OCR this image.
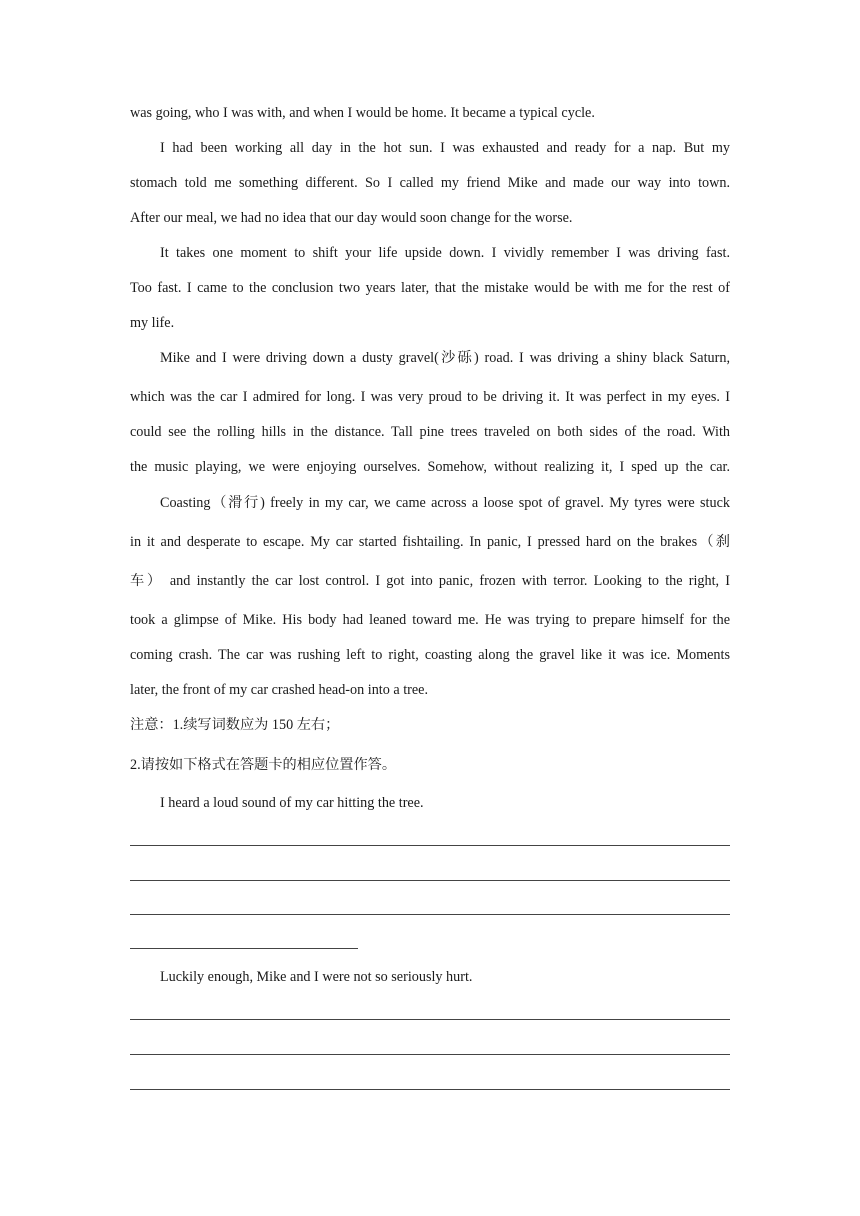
was going, who I was with, and when I would be home. It became a typical cycle.
I had been working all day in the hot sun. I was exhausted and ready for a nap. But my
stomach told me something different. So I called my friend Mike and made our way into town.
After our meal, we had no idea that our day would soon change for the worse.
It takes one moment to shift your life upside down. I vividly remember I was driving fast.
Too fast. I came to the conclusion two years later, that the mistake would be with me for the rest of
my life.
Mike and I were driving down a dusty gravel(沙砾) road. I was driving a shiny black Saturn,
which was the car I admired for long. I was very proud to be driving it. It was perfect in my eyes. I
could see the rolling hills in the distance. Tall pine trees traveled on both sides of the road. With
the music playing, we were enjoying ourselves. Somehow, without realizing it, I sped up the car.
Coasting（滑行) freely in my car, we came across a loose spot of gravel. My tyres were stuck
in it and desperate to escape. My car started fishtailing. In panic, I pressed hard on the brakes（刹
车） and instantly the car lost control. I got into panic, frozen with terror. Looking to the right, I
took a glimpse of Mike. His body had leaned toward me. He was trying to prepare himself for the
coming crash. The car was rushing left to right, coasting along the gravel like it was ice. Moments
later, the front of my car crashed head-on into a tree.
注意：1.续写词数应为 150 左右；
2.请按如下格式在答题卡的相应位置作答。
I heard a loud sound of my car hitting the tree.
Luckily enough, Mike and I were not so seriously hurt.
